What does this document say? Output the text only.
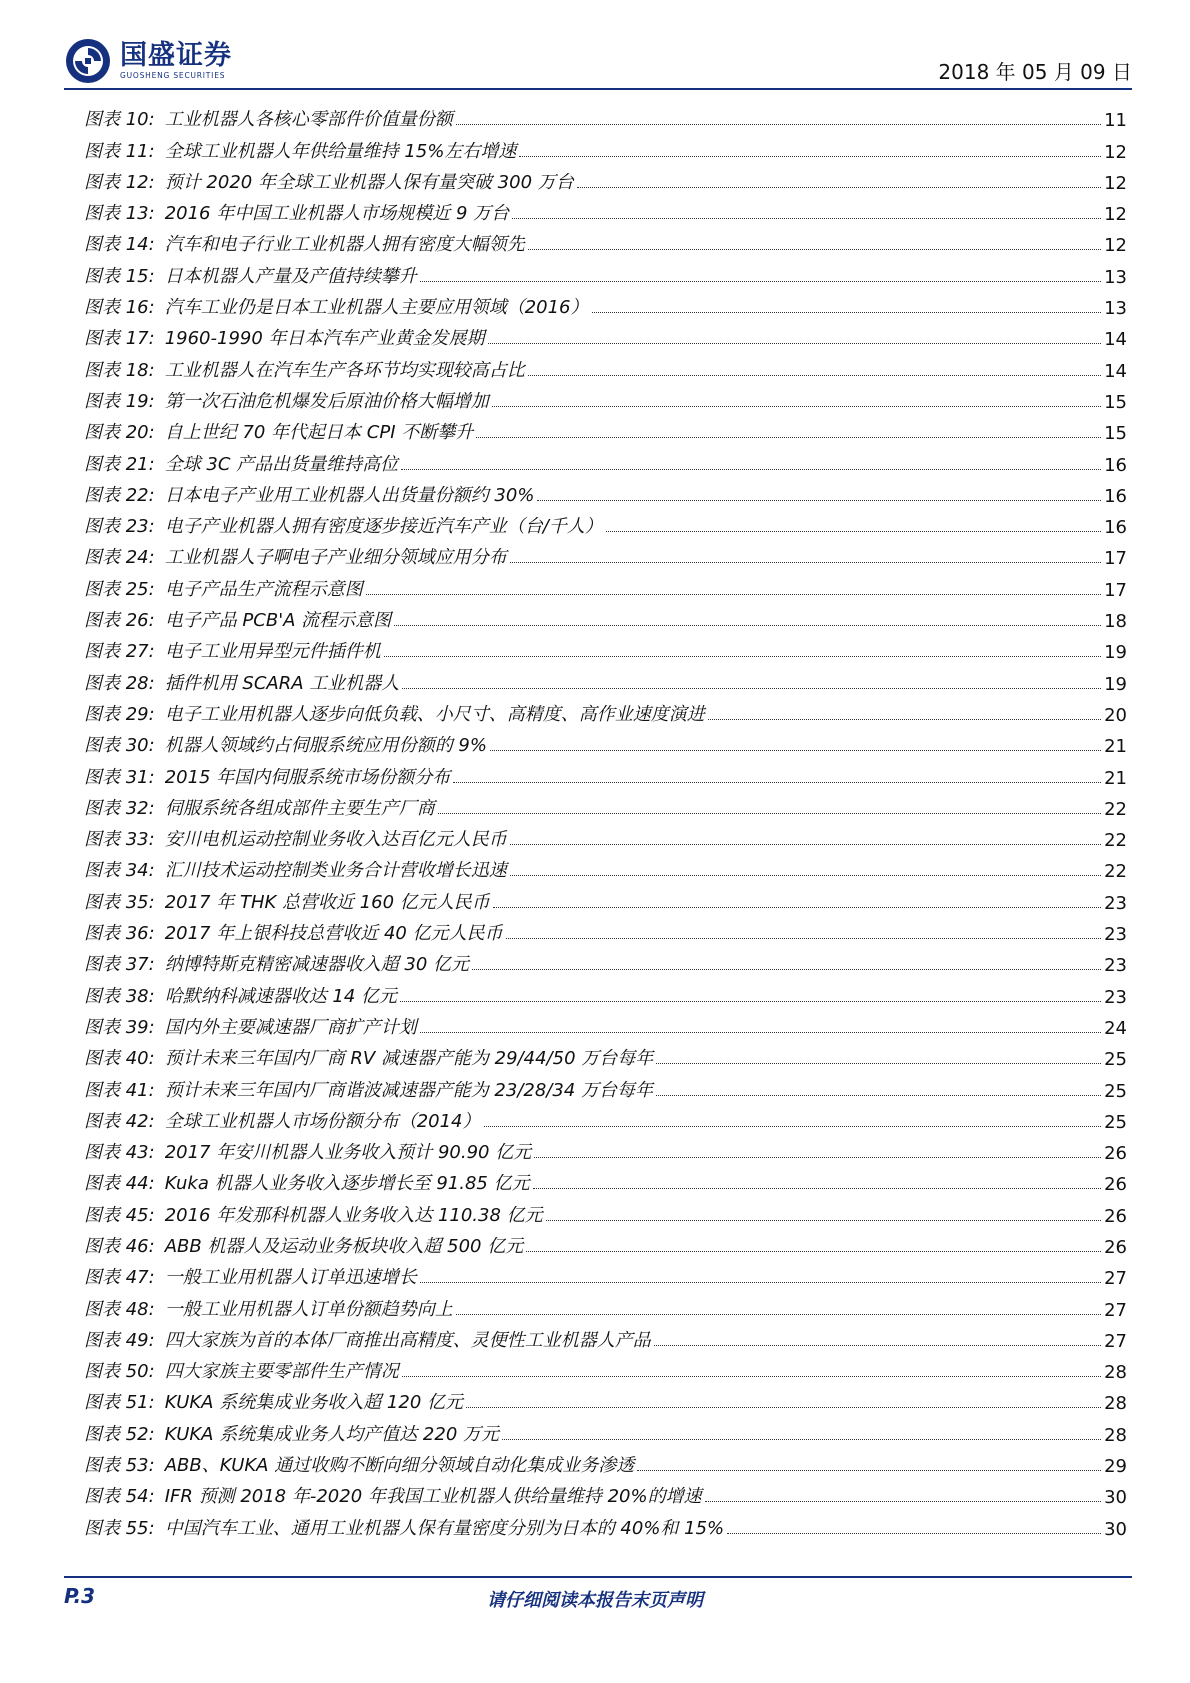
国盛证券
GUOSHENG SECURITIES	2018 年 05 月 09 日
图表 10: 工业机器人各核心零部件价值量份额	11
图表 11: 全球工业机器人年供给量维持 15%左右增速	12
图表 12: 预计 2020 年全球工业机器人保有量突破 300 万台	12
图表 13: 2016 年中国工业机器人市场规模近 9 万台	12
图表 14: 汽车和电子行业工业机器人拥有密度大幅领先	12
图表 15: 日本机器人产量及产值持续攀升	13
图表 16: 汽车工业仍是日本工业机器人主要应用领域（2016）	13
图表 17: 1960-1990 年日本汽车产业黄金发展期	14
图表 18: 工业机器人在汽车生产各环节均实现较高占比	14
图表 19: 第一次石油危机爆发后原油价格大幅增加	15
图表 20: 自上世纪 70 年代起日本 CPI 不断攀升	15
图表 21: 全球 3C 产品出货量维持高位	16
图表 22: 日本电子产业用工业机器人出货量份额约 30%	16
图表 23: 电子产业机器人拥有密度逐步接近汽车产业（台/千人）	16
图表 24: 工业机器人子啊电子产业细分领域应用分布	17
图表 25: 电子产品生产流程示意图	17
图表 26: 电子产品 PCB'A 流程示意图	18
图表 27: 电子工业用异型元件插件机	19
图表 28: 插件机用 SCARA 工业机器人	19
图表 29: 电子工业用机器人逐步向低负载、小尺寸、高精度、高作业速度演进	20
图表 30: 机器人领域约占伺服系统应用份额的 9%	21
图表 31: 2015 年国内伺服系统市场份额分布	21
图表 32: 伺服系统各组成部件主要生产厂商	22
图表 33: 安川电机运动控制业务收入达百亿元人民币	22
图表 34: 汇川技术运动控制类业务合计营收增长迅速	22
图表 35: 2017 年 THK 总营收近 160 亿元人民币	23
图表 36: 2017 年上银科技总营收近 40 亿元人民币	23
图表 37: 纳博特斯克精密减速器收入超 30 亿元	23
图表 38: 哈默纳科减速器收达 14 亿元	23
图表 39: 国内外主要减速器厂商扩产计划	24
图表 40: 预计未来三年国内厂商 RV 减速器产能为 29/44/50 万台每年	25
图表 41: 预计未来三年国内厂商谐波减速器产能为 23/28/34 万台每年	25
图表 42: 全球工业机器人市场份额分布（2014）	25
图表 43: 2017 年安川机器人业务收入预计 90.90 亿元	26
图表 44: Kuka 机器人业务收入逐步增长至 91.85 亿元	26
图表 45: 2016 年发那科机器人业务收入达 110.38 亿元	26
图表 46: ABB 机器人及运动业务板块收入超 500 亿元	26
图表 47: 一般工业用机器人订单迅速增长	27
图表 48: 一般工业用机器人订单份额趋势向上	27
图表 49: 四大家族为首的本体厂商推出高精度、灵便性工业机器人产品	27
图表 50: 四大家族主要零部件生产情况	28
图表 51: KUKA 系统集成业务收入超 120 亿元	28
图表 52: KUKA 系统集成业务人均产值达 220 万元	28
图表 53: ABB、KUKA 通过收购不断向细分领域自动化集成业务渗透	29
图表 54: IFR 预测 2018 年-2020 年我国工业机器人供给量维持 20%的增速	30
图表 55: 中国汽车工业、通用工业机器人保有量密度分别为日本的 40%和 15%	30
P.3	请仔细阅读本报告末页声明
